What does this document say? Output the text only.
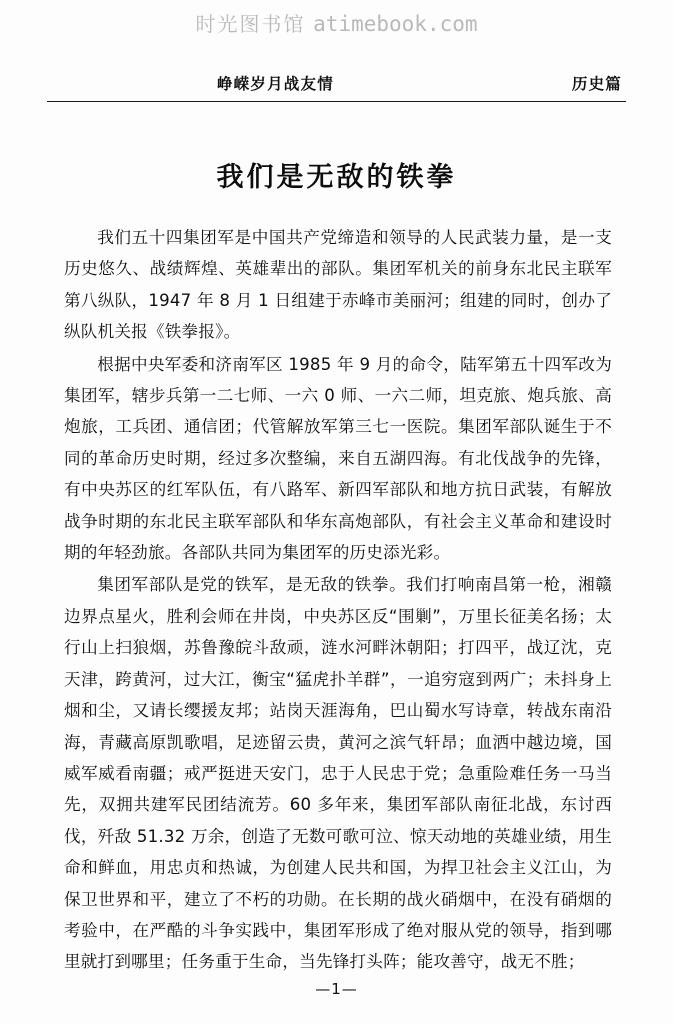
时光图书馆 atimebook.com
峥嵘岁月战友情	历史篇
我们是无敌的铁拳

我们五十四集团军是中国共产党缔造和领导的人民武装力量，是一支历史悠久、战绩辉煌、英雄辈出的部队。集团军机关的前身东北民主联军第八纵队，1947 年 8 月 1 日组建于赤峰市美丽河；组建的同时，创办了纵队机关报《铁拳报》。

根据中央军委和济南军区 1985 年 9 月的命令，陆军第五十四军改为集团军，辖步兵第一二七师、一六 0 师、一六二师，坦克旅、炮兵旅、高炮旅，工兵团、通信团；代管解放军第三七一医院。集团军部队诞生于不同的革命历史时期，经过多次整编，来自五湖四海。有北伐战争的先锋，有中央苏区的红军队伍，有八路军、新四军部队和地方抗日武装，有解放战争时期的东北民主联军部队和华东高炮部队，有社会主义革命和建设时期的年轻劲旅。各部队共同为集团军的历史添光彩。

集团军部队是党的铁军，是无敌的铁拳。我们打响南昌第一枪，湘赣边界点星火，胜利会师在井岗，中央苏区反“围剿”，万里长征美名扬；太行山上扫狼烟，苏鲁豫皖斗敌顽，涟水河畔沐朝阳；打四平，战辽沈，克天津，跨黄河，过大江，衡宝“猛虎扑羊群”，一追穷寇到两广；未抖身上烟和尘，又请长缨援友邦；站岗天涯海角，巴山蜀水写诗章，转战东南沿海，青藏高原凯歌唱，足迹留云贵，黄河之滨气轩昂；血洒中越边境，国威军威看南疆；戒严挺进天安门，忠于人民忠于党；急重险难任务一马当先，双拥共建军民团结流芳。60 多年来，集团军部队南征北战，东讨西伐，歼敌 51.32 万余，创造了无数可歌可泣、惊天动地的英雄业绩，用生命和鲜血，用忠贞和热诚，为创建人民共和国，为捍卫社会主义江山，为保卫世界和平，建立了不朽的功勋。在长期的战火硝烟中，在没有硝烟的考验中，在严酷的斗争实践中，集团军形成了绝对服从党的领导，指到哪里就打到哪里；任务重于生命，当先锋打头阵；能攻善守，战无不胜；

—1—
